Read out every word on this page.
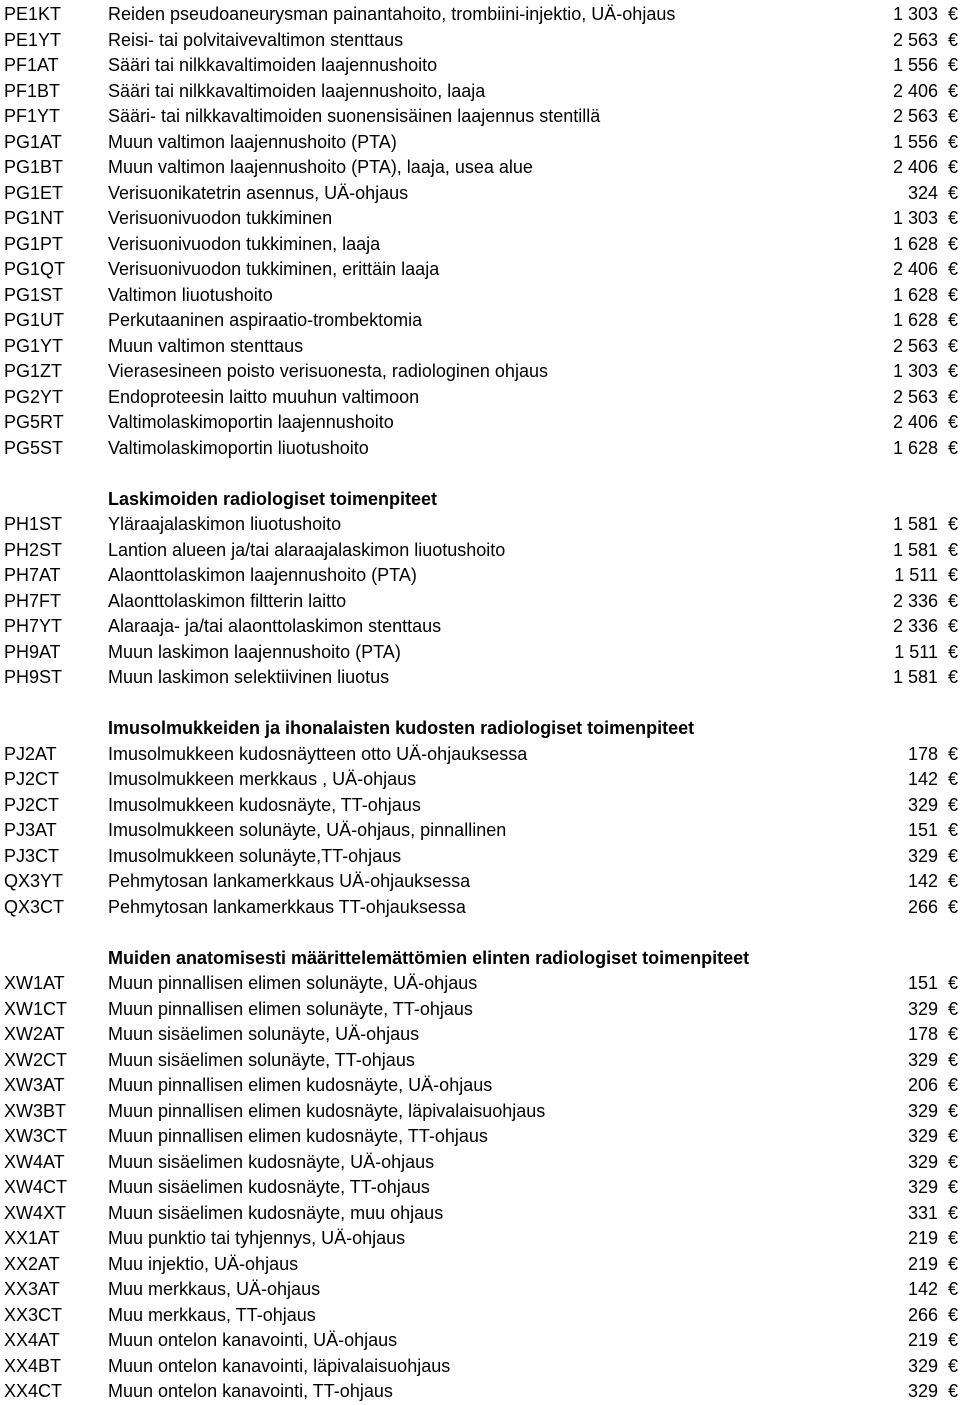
PE1KT	Reiden pseudoaneurysman painantahoito, trombiini-injektio, UÄ-ohjaus	1 303 €
PE1YT	Reisi- tai polvitaivevaltimon stenttaus	2 563 €
PF1AT	Sääri tai nilkkavaltimoiden laajennushoito	1 556 €
PF1BT	Sääri tai nilkkavaltimoiden laajennushoito, laaja	2 406 €
PF1YT	Sääri- tai nilkkavaltimoiden suonensisäinen laajennus stentillä	2 563 €
PG1AT	Muun valtimon laajennushoito (PTA)	1 556 €
PG1BT Muun valtimon laajennushoito (PTA), laaja, usea alue	2 406 €
PG1ET Verisuonikatetrin asennus, UÄ-ohjaus	324 €
PG1NT Verisuonivuodon tukkiminen	1 303 €
PG1PT Verisuonivuodon tukkiminen, laaja	1 628 €
PG1QT Verisuonivuodon tukkiminen, erittäin laaja	2 406 €
PG1ST Valtimon liuotushoito	1 628 €
PG1UT Perkutaaninen aspiraatio-trombektomia	1 628 €
PG1YT Muun valtimon stenttaus	2 563 €
PG1ZT	Vierasesineen poisto verisuonesta, radiologinen ohjaus	1 303 €
PG2YT Endoproteesin laitto muuhun valtimoon	2 563 €
PG5RT Valtimolaskimoportin laajennushoito	2 406 €
PG5ST Valtimolaskimoportin liuotushoito	1 628 €
Laskimoiden radiologiset toimenpiteet
PH1ST	Yläraajalaskimon liuotushoito	1 581 €
PH2ST	Lantion alueen ja/tai alaraajalaskimon liuotushoito	1 581 €
PH7AT	Alaonttolaskimon laajennushoito (PTA)	1 511 €
PH7FT	Alaonttolaskimon filtterin laitto	2 336 €
PH7YT	Alaraaja- ja/tai alaonttolaskimon stenttaus	2 336 €
PH9AT	Muun laskimon laajennushoito (PTA)	1 511 €
PH9ST	Muun laskimon selektiivinen liuotus	1 581 €
Imusolmukkeiden ja ihonalaisten kudosten radiologiset toimenpiteet
PJ2AT	Imusolmukkeen kudosnäytteen otto UÄ-ohjauksessa	178 €
PJ2CT	Imusolmukkeen merkkaus , UÄ-ohjaus	142 €
PJ2CT	Imusolmukkeen kudosnäyte, TT-ohjaus	329 €
PJ3AT	Imusolmukkeen solunäyte, UÄ-ohjaus, pinnallinen	151 €
PJ3CT	Imusolmukkeen solunäyte,TT-ohjaus	329 €
QX3YT Pehmytosan lankamerkkaus UÄ-ohjauksessa	142 €
QX3CT Pehmytosan lankamerkkaus TT-ohjauksessa	266 €
Muiden anatomisesti määrittelemättömien elinten radiologiset toimenpiteet
XW1AT Muun pinnallisen elimen solunäyte, UÄ-ohjaus	151 €
XW1CT Muun pinnallisen elimen solunäyte, TT-ohjaus	329 €
XW2AT Muun sisäelimen solunäyte, UÄ-ohjaus	178 €
XW2CT Muun sisäelimen solunäyte, TT-ohjaus	329 €
XW3AT Muun pinnallisen elimen kudosnäyte, UÄ-ohjaus	206 €
XW3BT Muun pinnallisen elimen kudosnäyte, läpivalaisuohjaus	329 €
XW3CT Muun pinnallisen elimen kudosnäyte, TT-ohjaus	329 €
XW4AT Muun sisäelimen kudosnäyte, UÄ-ohjaus	329 €
XW4CT Muun sisäelimen kudosnäyte, TT-ohjaus	329 €
XW4XT Muun sisäelimen kudosnäyte, muu ohjaus	331 €
XX1AT	Muu punktio tai tyhjennys, UÄ-ohjaus	219 €
XX2AT	Muu injektio, UÄ-ohjaus	219 €
XX3AT	Muu merkkaus, UÄ-ohjaus	142 €
XX3CT	Muu merkkaus, TT-ohjaus	266 €
XX4AT	Muun ontelon kanavointi, UÄ-ohjaus	219 €
XX4BT	Muun ontelon kanavointi, läpivalaisuohjaus	329 €
XX4CT	Muun ontelon kanavointi, TT-ohjaus	329 €
